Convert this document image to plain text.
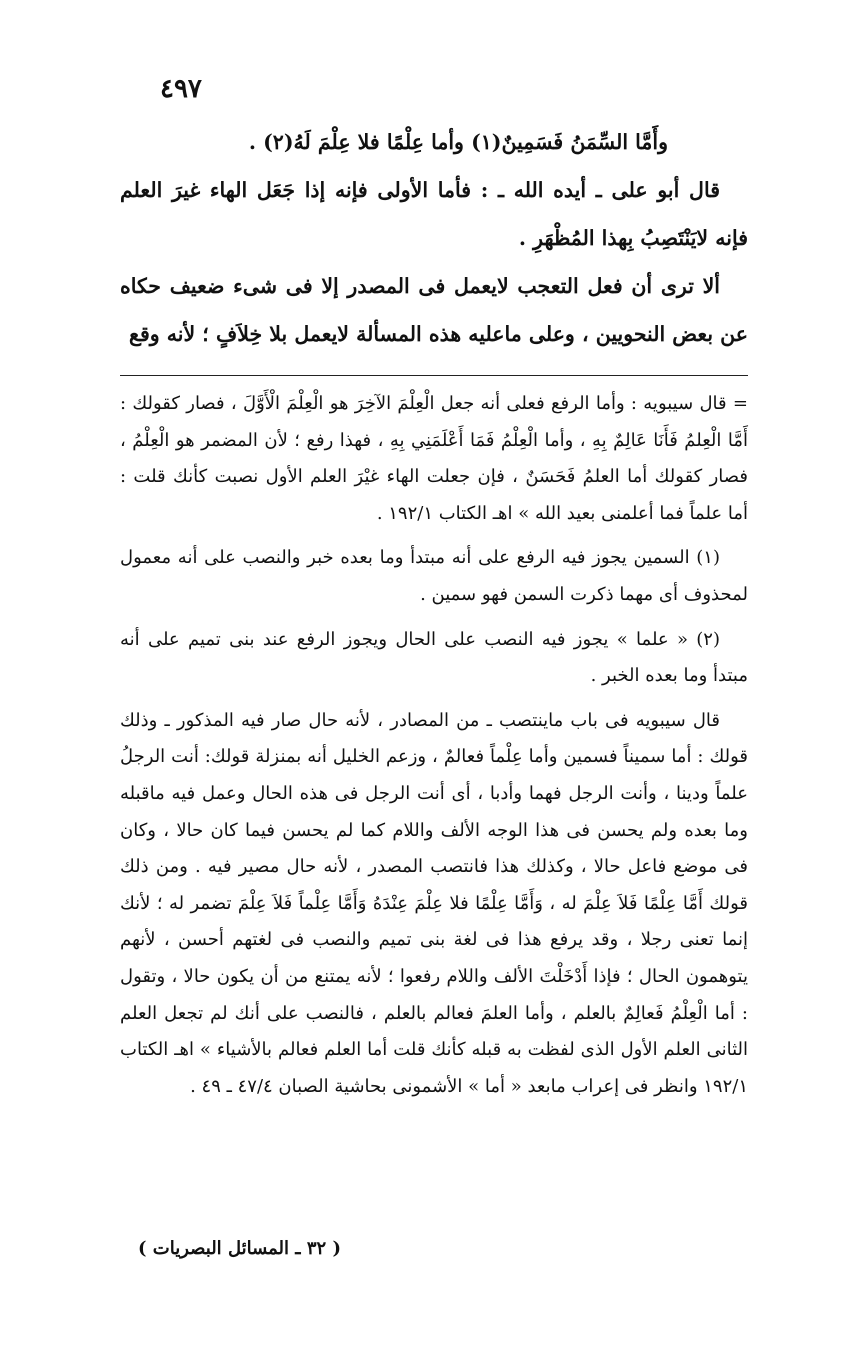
٤٩٧

وأَمَّا السِّمَنُ فَسَمِينٌ(١) وأما عِلْمًا فلا عِلْمَ لَهُ(٢) .

قال أبو على ـ أيده الله ـ : فأما الأولى فإنه إذا جَعَل الهاء غيرَ العلم فإنه لايَنْتَصِبُ بِهذا المُظْهَرِ .

ألا ترى أن فعل التعجب لايعمل فى المصدر إلا فى شىء ضعيف حكاه عن بعض النحويين ، وعلى ماعليه هذه المسألة لايعمل بلا خِلاَفٍ ؛ لأنه وقع

= قال سيبويه : وأما الرفع فعلى أنه جعل الْعِلْمَ الآخِرَ هو الْعِلْمَ الْأَوَّلَ ، فصار كقولك : أَمَّا الْعِلمُ فَأَنَا عَالِمٌ بِهِ ، وأما الْعِلْمُ فَمَا أَعْلَمَنِي بِهِ ، فهذا رفع ؛ لأن المضمر هو الْعِلْمُ ، فصار كقولك أما العلمُ فَحَسَنٌ ، فإن جعلت الهاء غيْرَ العلم الأول نصبت كأنك قلت : أما علماً فما أعلمنى بعيد الله » اهـ الكتاب ١٩٢/١ .

(١) السمين يجوز فيه الرفع على أنه مبتدأ وما بعده خبر والنصب على أنه معمول لمحذوف أى مهما ذكرت السمن فهو سمين .

(٢) « علما » يجوز فيه النصب على الحال ويجوز الرفع عند بنى تميم على أنه مبتدأ وما بعده الخبر .

قال سيبويه فى باب ماينتصب ـ من المصادر ، لأنه حال صار فيه المذكور ـ وذلك قولك : أما سميناً فسمين وأما عِلْماً فعالمٌ ، وزعم الخليل أنه بمنزلة قولك: أنت الرجلُ علماً ودينا ، وأنت الرجل فهما وأدبا ، أى أنت الرجل فى هذه الحال وعمل فيه ماقبله وما بعده ولم يحسن فى هذا الوجه الألف واللام كما لم يحسن فيما كان حالا ، وكان فى موضع فاعل حالا ، وكذلك هذا فانتصب المصدر ، لأنه حال مصير فيه . ومن ذلك قولك أَمَّا عِلْمًا فَلاَ عِلْمَ له ، وَأَمَّا عِلْمًا فلا عِلْمَ عِنْدَهُ وَأَمَّا عِلْماً فَلاَ عِلْمَ تضمر له ؛ لأنك إنما تعنى رجلا ، وقد يرفع هذا فى لغة بنى تميم والنصب فى لغتهم أحسن ، لأنهم يتوهمون الحال ؛ فإذا أَدْخَلْتَ الألف واللام رفعوا ؛ لأنه يمتنع من أن يكون حالا ، وتقول : أما الْعِلْمُ فَعالِمٌ بالعلم ، وأما العلمَ فعالم بالعلم ، فالنصب على أنك لم تجعل العلم الثانى العلم الأول الذى لفظت به قبله كأنك قلت أما العلم فعالم بالأشياء » اهـ الكتاب ١٩٢/١ وانظر فى إعراب مابعد « أما » الأشمونى بحاشية الصبان ٤٧/٤ ـ ٤٩ .

( ٣٢ ـ المسائل البصريات )
